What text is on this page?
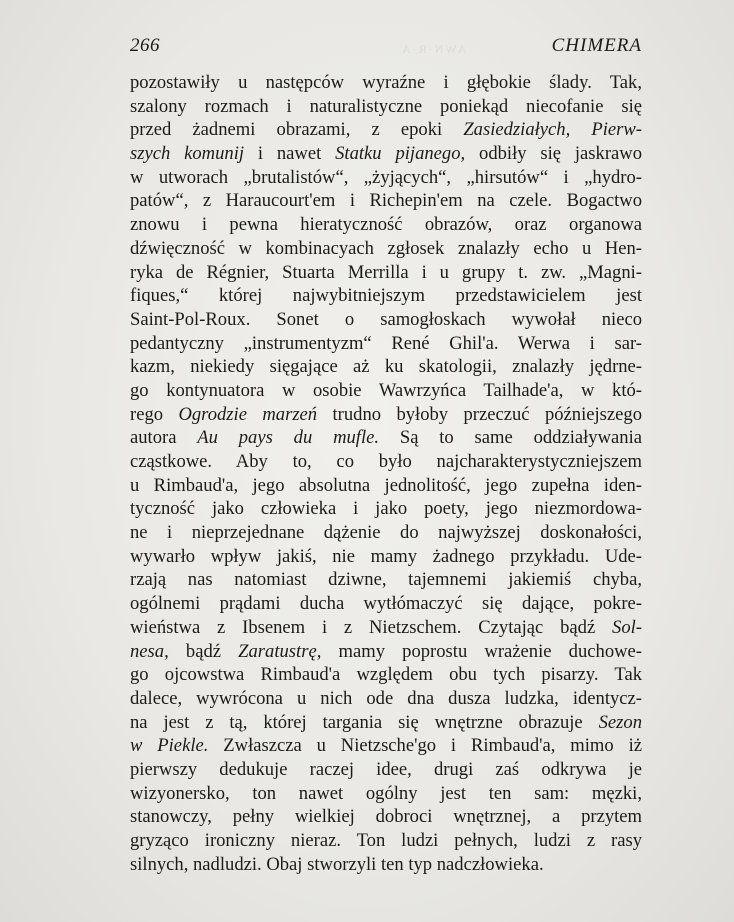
AWN·R·A
266	CHIMERA
pozostawiły u następców wyraźne i głębokie ślady. Tak,
szalony rozmach i naturalistyczne poniekąd niecofanie się
przed żadnemi obrazami, z epoki Zasiedziałych, Pierw-
szych komunij i nawet Statku pijanego, odbiły się jaskrawo
w utworach „brutalistów“, „żyjących“, „hirsutów“ i „hydro-
patów“, z Haraucourt'em i Richepin'em na czele. Bogactwo
znowu i pewna hieratyczność obrazów, oraz organowa
dźwięczność w kombinacyach zgłosek znalazły echo u Hen-
ryka de Régnier, Stuarta Merrilla i u grupy t. zw. „Magni-
fiques,“ której najwybitniejszym przedstawicielem jest
Saint-Pol-Roux. Sonet o samogłoskach wywołał nieco
pedantyczny „instrumentyzm“ René Ghil'a. Werwa i sar-
kazm, niekiedy sięgające aż ku skatologii, znalazły jędrne-
go kontynuatora w osobie Wawrzyńca Tailhade'a, w któ-
rego Ogrodzie marzeń trudno byłoby przeczuć późniejszego
autora Au pays du mufle. Są to same oddziaływania
cząstkowe. Aby to, co było najcharakterystyczniejszem
u Rimbaud'a, jego absolutna jednolitość, jego zupełna iden-
tyczność jako człowieka i jako poety, jego niezmordowa-
ne i nieprzejednane dążenie do najwyższej doskonałości,
wywarło wpływ jakiś, nie mamy żadnego przykładu. Ude-
rzają nas natomiast dziwne, tajemnemi jakiemiś chyba,
ogólnemi prądami ducha wytłómaczyć się dające, pokre-
wieństwa z Ibsenem i z Nietzschem. Czytając bądź Sol-
nesa, bądź Zaratustrę, mamy poprostu wrażenie duchowe-
go ojcowstwa Rimbaud'a względem obu tych pisarzy. Tak
dalece, wywrócona u nich ode dna dusza ludzka, identycz-
na jest z tą, której targania się wnętrzne obrazuje Sezon
w Piekle. Zwłaszcza u Nietzsche'go i Rimbaud'a, mimo iż
pierwszy dedukuje raczej idee, drugi zaś odkrywa je
wizyonersko, ton nawet ogólny jest ten sam: męzki,
stanowczy, pełny wielkiej dobroci wnętrznej, a przytem
gryząco ironiczny nieraz. Ton ludzi pełnych, ludzi z rasy
silnych, nadludzi. Obaj stworzyli ten typ nadczłowieka.
